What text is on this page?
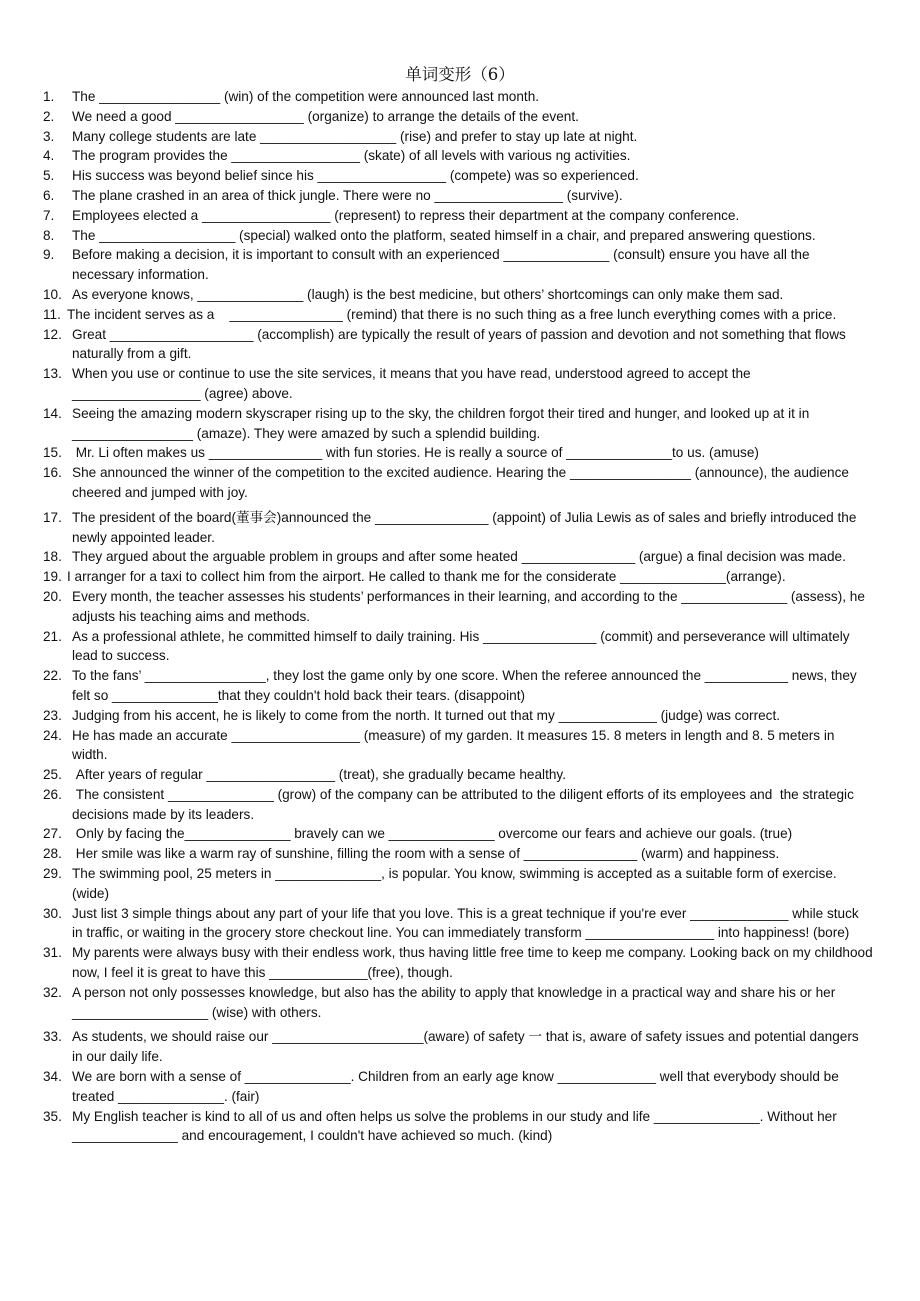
单词变形（6）
1.	The ________________ (win) of the competition were announced last month.
2.	We need a good _________________ (organize) to arrange the details of the event.
3.	Many college students are late __________________ (rise) and prefer to stay up late at night.
4.	The program provides the _________________ (skate) of all levels with various ng activities.
5.	His success was beyond belief since his _________________ (compete) was so experienced.
6.	The plane crashed in an area of thick jungle. There were no _________________ (survive).
7.	Employees elected a _________________ (represent) to repress their department at the company conference.
8.	The __________________ (special) walked onto the platform, seated himself in a chair, and prepared answering questions.
9.	Before making a decision, it is important to consult with an experienced ______________ (consult) ensure you have all the necessary information.
10. As everyone knows, ______________ (laugh) is the best medicine, but others’ shortcomings can only make them sad.
11. The incident serves as a    _______________ (remind) that there is no such thing as a free lunch everything comes with a price.
12. Great ___________________ (accomplish) are typically the result of years of passion and devotion and not something that flows naturally from a gift.
13. When you use or continue to use the site services, it means that you have read, understood agreed to accept the _________________ (agree) above.
14. Seeing the amazing modern skyscraper rising up to the sky, the children forgot their tired and hunger, and looked up at it in ________________ (amaze). They were amazed by such a splendid building.
15. Mr. Li often makes us _______________ with fun stories. He is really a source of ______________to us. (amuse)
16. She announced the winner of the competition to the excited audience. Hearing the ________________ (announce), the audience cheered and jumped with joy.
17. The president of the board(董事会)announced the _______________ (appoint) of Julia Lewis as of sales and briefly introduced the newly appointed leader.
18. They argued about the arguable problem in groups and after some heated _______________ (argue) a final decision was made.
19. I arranger for a taxi to collect him from the airport. He called to thank me for the considerate ______________(arrange).
20. Every month, the teacher assesses his students’ performances in their learning, and according to the ______________ (assess), he adjusts his teaching aims and methods.
21. As a professional athlete, he committed himself to daily training. His _______________ (commit) and perseverance will ultimately lead to success.
22. To the fans’ ________________, they lost the game only by one score. When the referee announced the ___________ news, they felt so ______________that they couldn't hold back their tears. (disappoint)
23. Judging from his accent, he is likely to come from the north. It turned out that my _____________ (judge) was correct.
24. He has made an accurate _________________ (measure) of my garden. It measures 15. 8 meters in length and 8. 5 meters in width.
25. After years of regular _________________ (treat), she gradually became healthy.
26. The consistent ______________ (grow) of the company can be attributed to the diligent efforts of its employees and  the strategic decisions made by its leaders.
27. Only by facing the______________ bravely can we ______________ overcome our fears and achieve our goals. (true)
28. Her smile was like a warm ray of sunshine, filling the room with a sense of _______________ (warm) and happiness.
29. The swimming pool, 25 meters in ______________, is popular. You know, swimming is accepted as a suitable form of exercise. (wide)
30. Just list 3 simple things about any part of your life that you love. This is a great technique if you're ever _____________ while stuck in traffic, or waiting in the grocery store checkout line. You can immediately transform _________________ into happiness! (bore)
31. My parents were always busy with their endless work, thus having little free time to keep me company. Looking back on my childhood now, I feel it is great to have this _____________(free), though.
32. A person not only possesses knowledge, but also has the ability to apply that knowledge in a practical way and share his or her __________________ (wise) with others.
33. As students, we should raise our ____________________(aware) of safety 一 that is, aware of safety issues and potential dangers in our daily life.
34. We are born with a sense of ______________. Children from an early age know _____________ well that everybody should be treated ______________. (fair)
35. My English teacher is kind to all of us and often helps us solve the problems in our study and life ______________. Without her ______________ and encouragement, I couldn't have achieved so much. (kind)
